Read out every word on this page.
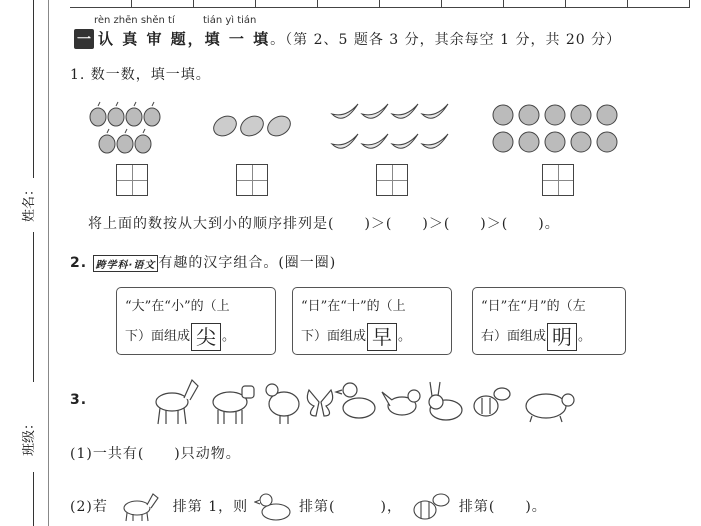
姓名：
班级：
rèn zhēn shěn tí	tián yì tián
一 认 真 审 题，填 一 填。（第 2、5 题各 3 分，其余每空 1 分，共 20 分）
1. 数一数，填一填。
将上面的数按从大到小的顺序排列是(　　)＞(　　)＞(　　)＞(　　)。
2. 跨学科·语文 有趣的汉字组合。(圈一圈)
“大”在“小”的（上
下）面组成 尖 。
“日”在“十”的（上
下）面组成 早 。
“日”在“月”的（左
右）面组成 明 。
3.
(1)一共有(　　)只动物。
(2)若	排第 1，则	排第(　　　)，	排第(　　)。
